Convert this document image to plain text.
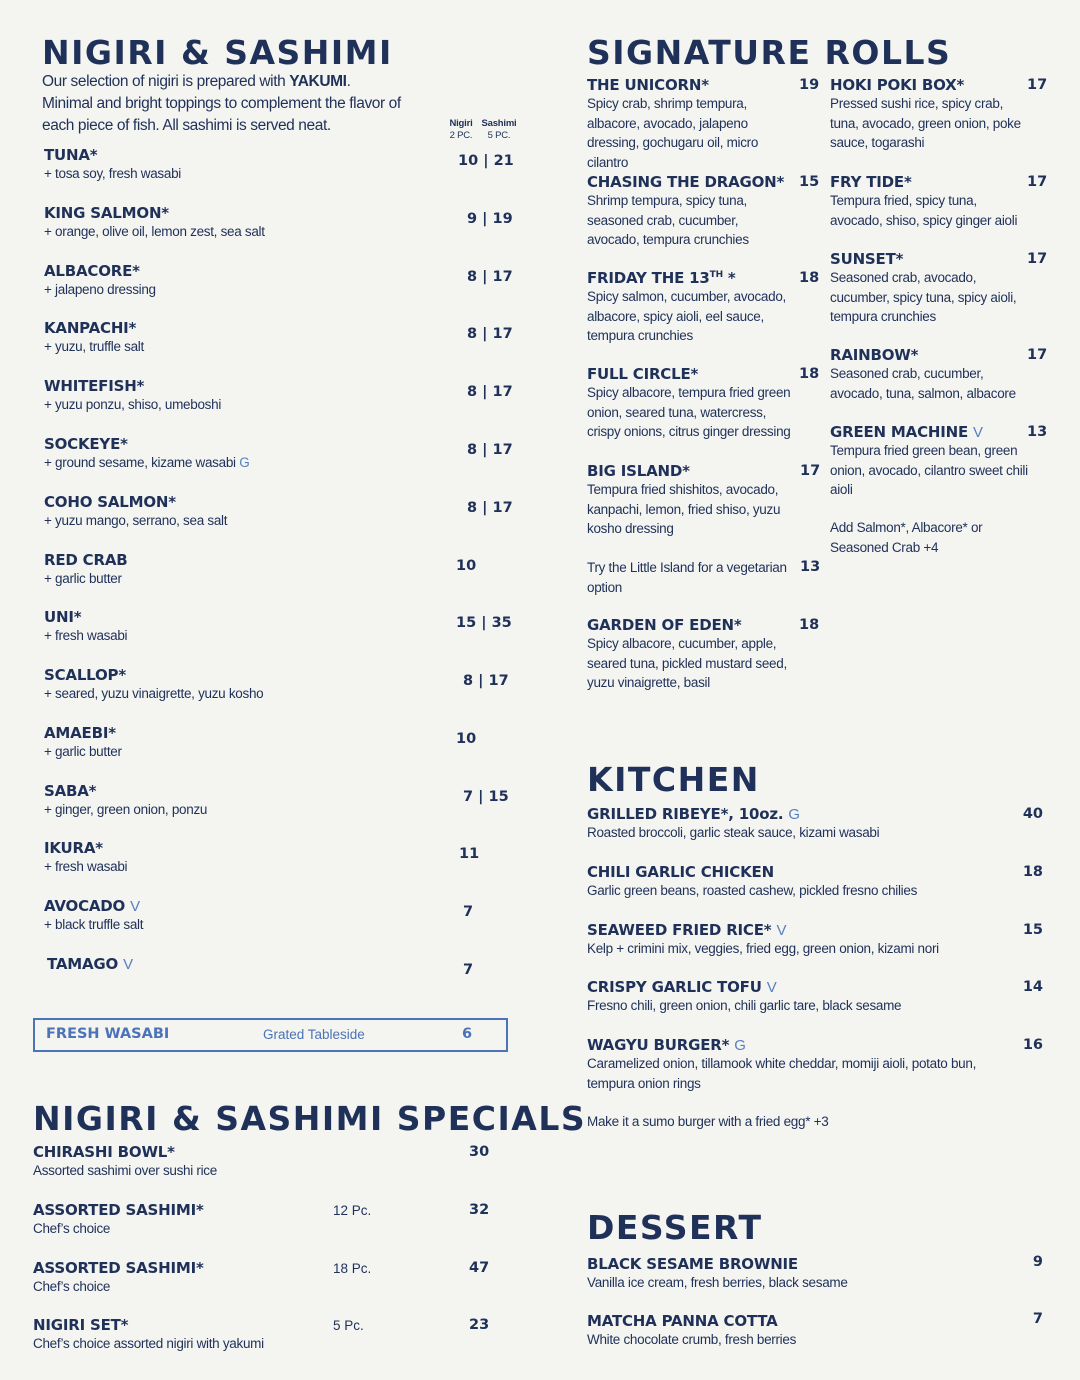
NIGIRI & SASHIMI
Our selection of nigiri is prepared with YAKUMI. Minimal and bright toppings to complement the flavor of each piece of fish. All sashimi is served neat.	Nigiri
2 PC.
Sashimi
5 PC.
TUNA*
+ tosa soy, fresh wasabi
10 | 21
KING SALMON*
+ orange, olive oil, lemon zest, sea salt
9 | 19
ALBACORE*
+ jalapeno dressing
8 | 17
KANPACHI*
+ yuzu, truffle salt
8 | 17
WHITEFISH*
+ yuzu ponzu, shiso, umeboshi
8 | 17
SOCKEYE*
+ ground sesame, kizame wasabi G
8 | 17
COHO SALMON*
+ yuzu mango, serrano, sea salt
8 | 17
RED CRAB
+ garlic butter
10
UNI*
+ fresh wasabi
15 | 35
SCALLOP*
+ seared, yuzu vinaigrette, yuzu kosho
8 | 17
AMAEBI*
+ garlic butter
10
SABA*
+ ginger, green onion, ponzu
7 | 15
IKURA*
+ fresh wasabi
11
AVOCADO V
+ black truffle salt
7
TAMAGO V	7
FRESH WASABI	Grated Tableside	6
NIGIRI & SASHIMI SPECIALS
CHIRASHI BOWL*
Assorted sashimi over sushi rice
30
ASSORTED SASHIMI*
Chef’s choice
12 Pc.	32
ASSORTED SASHIMI*
Chef’s choice
18 Pc.	47
NIGIRI SET*
Chef’s choice assorted nigiri with yakumi
5 Pc.	23
SIGNATURE ROLLS
THE UNICORN*
Spicy crab, shrimp tempura, albacore, avocado, jalapeno dressing, gochugaru oil, micro cilantro
19
CHASING THE DRAGON*
Shrimp tempura, spicy tuna, seasoned crab, cucumber, avocado, tempura crunchies
15
FRIDAY THE 13TH *
Spicy salmon, cucumber, avocado, albacore, spicy aioli, eel sauce, tempura crunchies
18
FULL CIRCLE*
Spicy albacore, tempura fried green onion, seared tuna, watercress, crispy onions, citrus ginger dressing
18
BIG ISLAND*
Tempura fried shishitos, avocado, kanpachi, lemon, fried shiso, yuzu kosho dressing
17
Try the Little Island for a vegetarian option
13
GARDEN OF EDEN*
Spicy albacore, cucumber, apple, seared tuna, pickled mustard seed, yuzu vinaigrette, basil
18
HOKI POKI BOX*
Pressed sushi rice, spicy crab, tuna, avocado, green onion, poke sauce, togarashi
17
FRY TIDE*
Tempura fried, spicy tuna, avocado, shiso, spicy ginger aioli
17
SUNSET*
Seasoned crab, avocado, cucumber, spicy tuna, spicy aioli, tempura crunchies
17
RAINBOW*
Seasoned crab, cucumber, avocado, tuna, salmon, albacore
17
GREEN MACHINE V
Tempura fried green bean, green onion, avocado, cilantro sweet chili aioli
13
Add Salmon*, Albacore* or Seasoned Crab +4
KITCHEN
GRILLED RIBEYE*, 10oz. G
Roasted broccoli, garlic steak sauce, kizami wasabi
40
CHILI GARLIC CHICKEN
Garlic green beans, roasted cashew, pickled fresno chilies
18
SEAWEED FRIED RICE* V
Kelp + crimini mix, veggies, fried egg, green onion, kizami nori
15
CRISPY GARLIC TOFU V
Fresno chili, green onion, chili garlic tare, black sesame
14
WAGYU BURGER* G
Caramelized onion, tillamook white cheddar, momiji aioli, potato bun, tempura onion rings
16
Make it a sumo burger with a fried egg* +3
DESSERT
BLACK SESAME BROWNIE
Vanilla ice cream, fresh berries, black sesame
9
MATCHA PANNA COTTA
White chocolate crumb, fresh berries
7
